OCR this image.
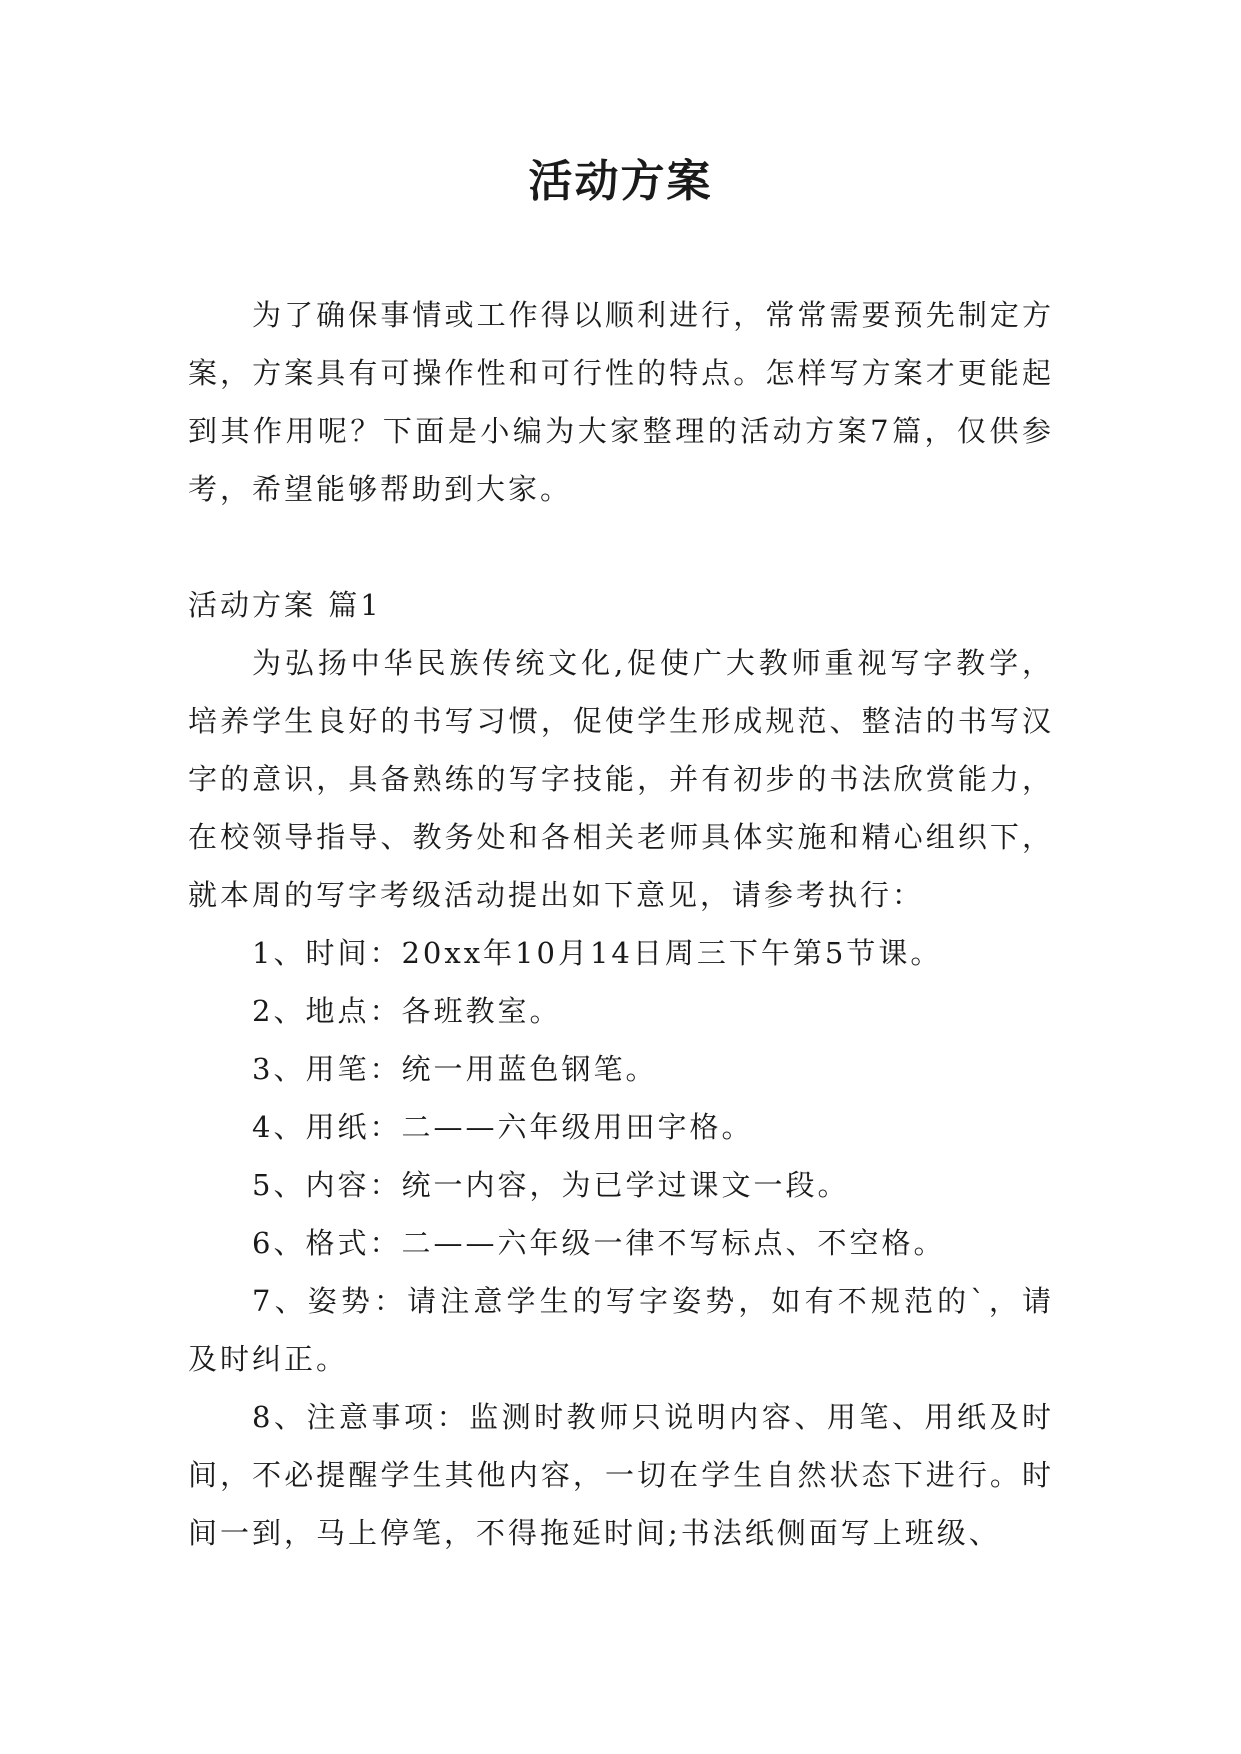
活动方案

为了确保事情或工作得以顺利进行，常常需要预先制定方案，方案具有可操作性和可行性的特点。怎样写方案才更能起到其作用呢？下面是小编为大家整理的活动方案7篇，仅供参考，希望能够帮助到大家。

活动方案 篇1

为弘扬中华民族传统文化,促使广大教师重视写字教学，培养学生良好的书写习惯，促使学生形成规范、整洁的书写汉字的意识，具备熟练的写字技能，并有初步的书法欣赏能力，在校领导指导、教务处和各相关老师具体实施和精心组织下，就本周的写字考级活动提出如下意见，请参考执行：

1、时间：20xx年10月14日周三下午第5节课。

2、地点：各班教室。

3、用笔：统一用蓝色钢笔。

4、用纸：二——六年级用田字格。

5、内容：统一内容，为已学过课文一段。

6、格式：二——六年级一律不写标点、不空格。

7、姿势：请注意学生的写字姿势，如有不规范的`，请及时纠正。

8、注意事项：监测时教师只说明内容、用笔、用纸及时间，不必提醒学生其他内容，一切在学生自然状态下进行。时间一到，马上停笔，不得拖延时间;书法纸侧面写上班级、
